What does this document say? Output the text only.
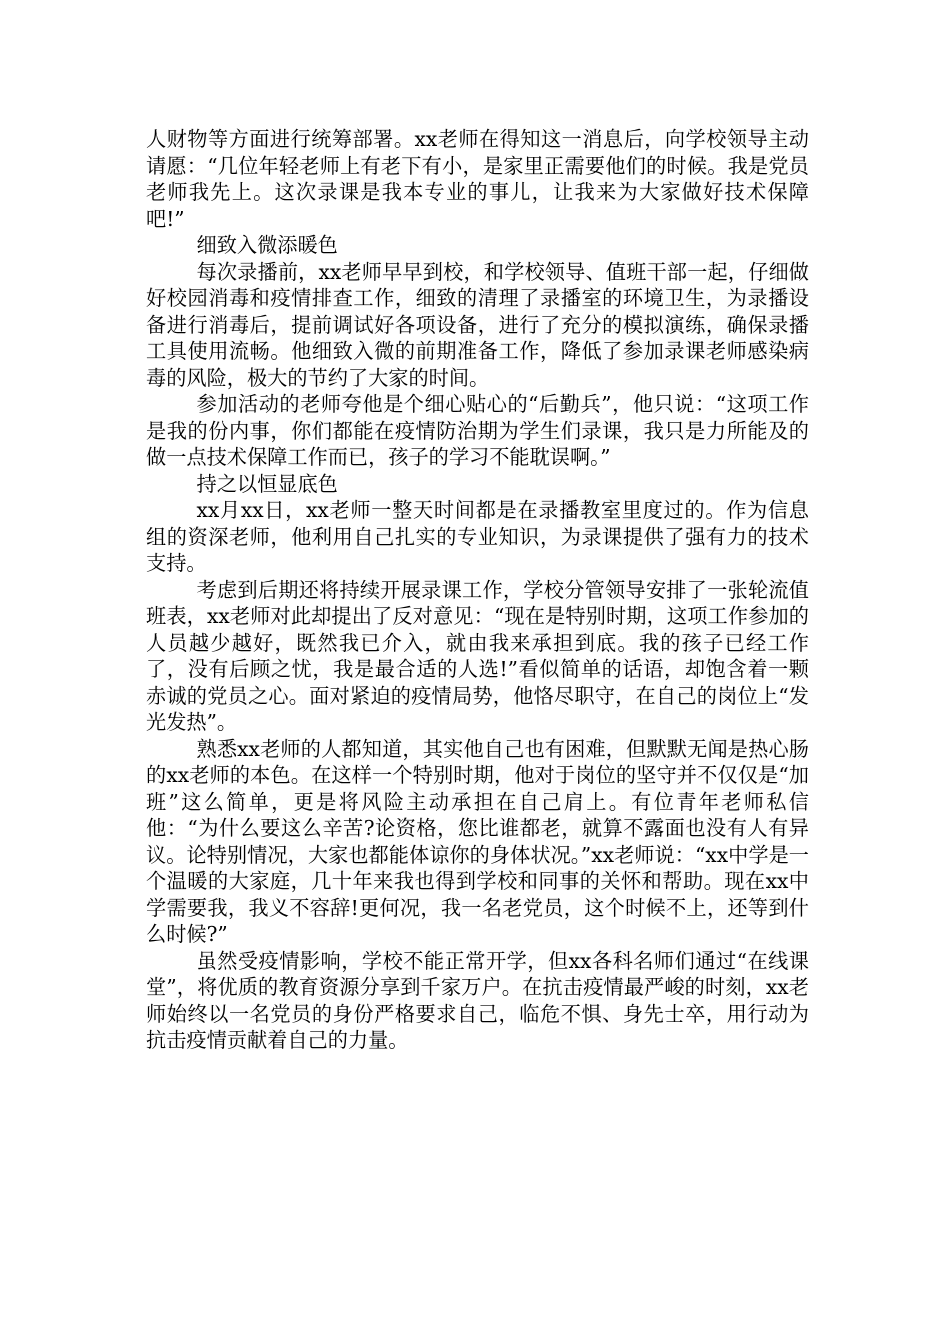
人财物等方面进行统筹部署。xx老师在得知这一消息后，向学校领导主动请愿：“几位年轻老师上有老下有小，是家里正需要他们的时候。我是党员老师我先上。这次录课是我本专业的事儿，让我来为大家做好技术保障吧!”

细致入微添暖色

每次录播前，xx老师早早到校，和学校领导、值班干部一起，仔细做好校园消毒和疫情排查工作，细致的清理了录播室的环境卫生，为录播设备进行消毒后，提前调试好各项设备，进行了充分的模拟演练，确保录播工具使用流畅。他细致入微的前期准备工作，降低了参加录课老师感染病毒的风险，极大的节约了大家的时间。

参加活动的老师夸他是个细心贴心的“后勤兵”，他只说：“这项工作是我的份内事，你们都能在疫情防治期为学生们录课，我只是力所能及的做一点技术保障工作而已，孩子的学习不能耽误啊。”

持之以恒显底色

xx月xx日，xx老师一整天时间都是在录播教室里度过的。作为信息组的资深老师，他利用自己扎实的专业知识，为录课提供了强有力的技术支持。

考虑到后期还将持续开展录课工作，学校分管领导安排了一张轮流值班表，xx老师对此却提出了反对意见：“现在是特别时期，这项工作参加的人员越少越好，既然我已介入，就由我来承担到底。我的孩子已经工作了，没有后顾之忧，我是最合适的人选!”看似简单的话语，却饱含着一颗赤诚的党员之心。面对紧迫的疫情局势，他恪尽职守，在自己的岗位上“发光发热”。

熟悉xx老师的人都知道，其实他自己也有困难，但默默无闻是热心肠的xx老师的本色。在这样一个特别时期，他对于岗位的坚守并不仅仅是“加班”这么简单，更是将风险主动承担在自己肩上。有位青年老师私信他：“为什么要这么辛苦?论资格，您比谁都老，就算不露面也没有人有异议。论特别情况，大家也都能体谅你的身体状况。”xx老师说：“xx中学是一个温暖的大家庭，几十年来我也得到学校和同事的关怀和帮助。现在xx中学需要我，我义不容辞!更何况，我一名老党员，这个时候不上，还等到什么时候?”

虽然受疫情影响，学校不能正常开学，但xx各科名师们通过“在线课堂”，将优质的教育资源分享到千家万户。在抗击疫情最严峻的时刻，xx老师始终以一名党员的身份严格要求自己，临危不惧、身先士卒，用行动为抗击疫情贡献着自己的力量。
